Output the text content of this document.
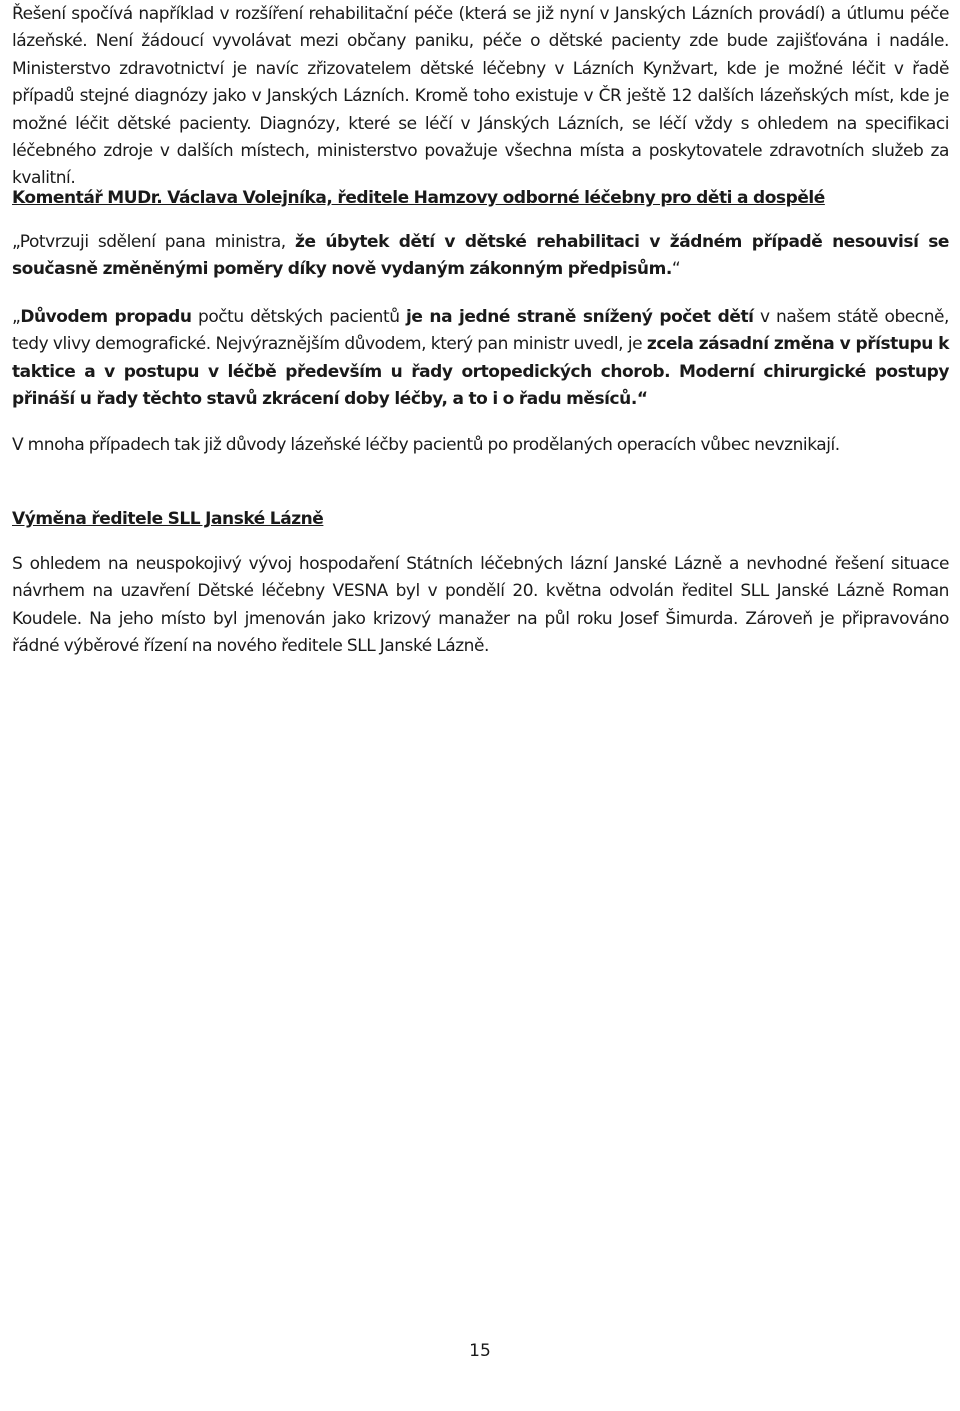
Řešení spočívá například v rozšíření rehabilitační péče (která se již nyní v Janských Lázních provádí) a útlumu péče lázeňské. Není žádoucí vyvolávat mezi občany paniku, péče o dětské pacienty zde bude zajišťována i nadále. Ministerstvo zdravotnictví je navíc zřizovatelem dětské léčebny v Lázních Kynžvart, kde je možné léčit v řadě případů stejné diagnózy jako v Janských Lázních. Kromě toho existuje v ČR ještě 12 dalších lázeňských míst, kde je možné léčit dětské pacienty. Diagnózy, které se léčí v Jánských Lázních, se léčí vždy s ohledem na specifikaci léčebného zdroje v dalších místech, ministerstvo považuje všechna místa a poskytovatele zdravotních služeb za kvalitní.

Komentář MUDr. Václava Volejníka, ředitele Hamzovy odborné léčebny pro děti a dospělé

„Potvrzuji sdělení pana ministra, že úbytek dětí v dětské rehabilitaci v žádném případě nesouvisí se současně změněnými poměry díky nově vydaným zákonným předpisům.“

„Důvodem propadu počtu dětských pacientů je na jedné straně snížený počet dětí v našem státě obecně, tedy vlivy demografické. Nejvýraznějším důvodem, který pan ministr uvedl, je zcela zásadní změna v přístupu k taktice a v postupu v léčbě především u řady ortopedických chorob. Moderní chirurgické postupy přináší u řady těchto stavů zkrácení doby léčby, a to i o řadu měsíců.“

V mnoha případech tak již důvody lázeňské léčby pacientů po prodělaných operacích vůbec nevznikají.

Výměna ředitele SLL Janské Lázně

S ohledem na neuspokojivý vývoj hospodaření Státních léčebných lázní Janské Lázně a nevhodné řešení situace návrhem na uzavření Dětské léčebny VESNA byl v pondělí 20. května odvolán ředitel SLL Janské Lázně Roman Koudele. Na jeho místo byl jmenován jako krizový manažer na půl roku Josef Šimurda. Zároveň je připravováno řádné výběrové řízení na nového ředitele SLL Janské Lázně.

15
